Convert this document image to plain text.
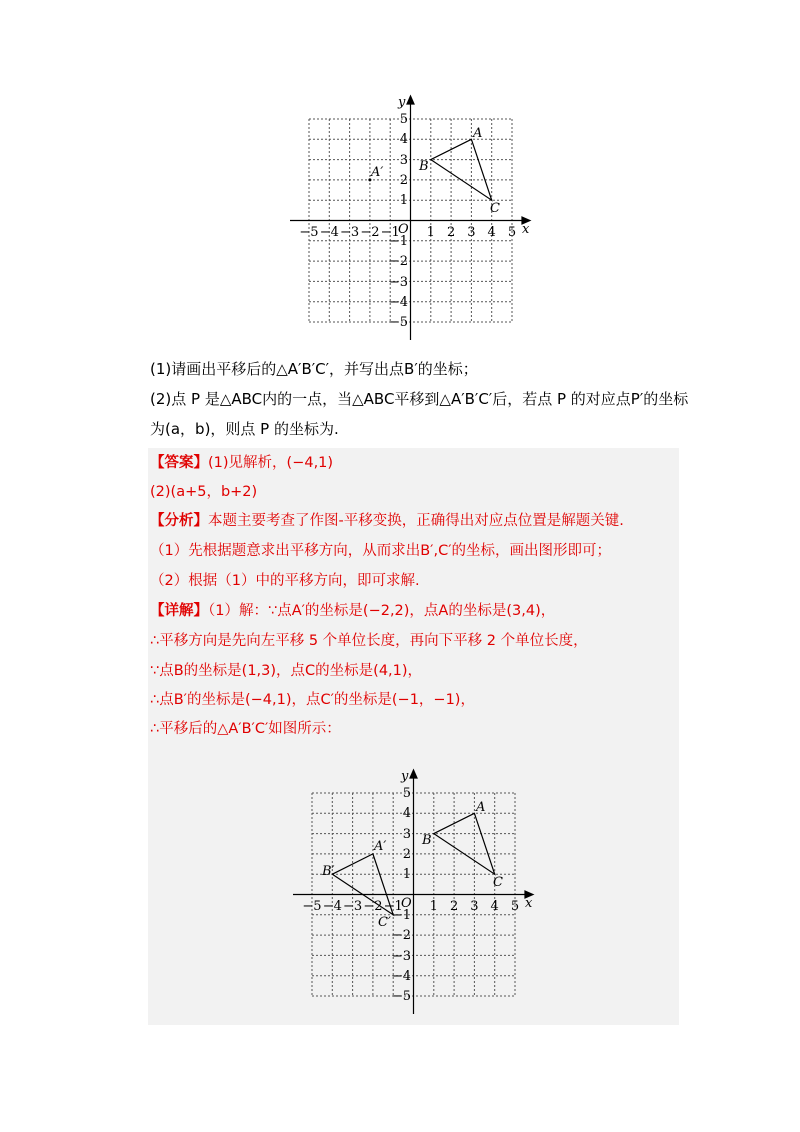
−5 −4 −3 −2 −1 1 2 3 4 5
5
4
3
2
1
−1
−2
−3
−4
−5
O	x
y
A
B
C
A′
(1)请画出平移后的△A′B′C′，并写出点B′的坐标；
(2)点 P 是△ABC内的一点，当△ABC平移到△A′B′C′后，若点 P 的对应点P′的坐标
为(a，b)，则点 P 的坐标为.
【答案】(1)见解析，(−4,1)
(2)(a+5，b+2)
【分析】本题主要考查了作图-平移变换，正确得出对应点位置是解题关键.
（1）先根据题意求出平移方向，从而求出B′,C′的坐标，画出图形即可；
（2）根据（1）中的平移方向，即可求解.
【详解】（1）解：∵点A′的坐标是(−2,2)，点A的坐标是(3,4)，
∴平移方向是先向左平移 5 个单位长度，再向下平移 2 个单位长度，
∵点B的坐标是(1,3)，点C的坐标是(4,1)，
∴点B′的坐标是(−4,1)，点C′的坐标是(−1，−1)，
∴平移后的△A′B′C′如图所示：
−5 −4 −3 −2 −1 1 2 3 4 5
5
4
3
2
1
−1
−2
−3
−4
−5
O	x
y
A
B
C
A′
B′
C′
